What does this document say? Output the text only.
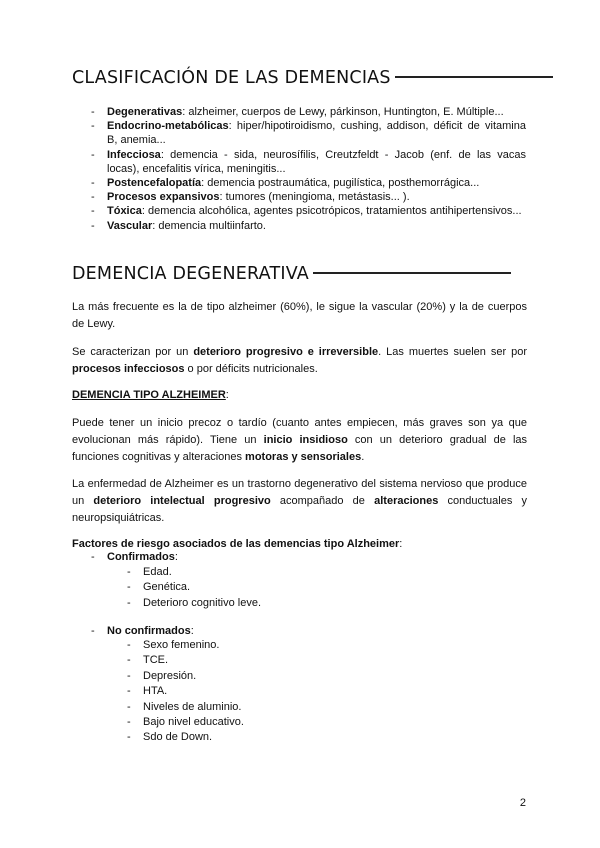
CLASIFICACIÓN DE LAS DEMENCIAS
- Degenerativas: alzheimer, cuerpos de Lewy, párkinson, Huntington, E. Múltiple...
- Endocrino-metabólicas: hiper/hipotiroidismo, cushing, addison, déficit de vitamina B, anemia...
- Infecciosa: demencia - sida, neurosífilis, Creutzfeldt - Jacob (enf. de las vacas locas), encefalitis vírica, meningitis...
- Postencefalopatía: demencia postraumática, pugilística, posthemorrágica...
- Procesos expansivos: tumores (meningioma, metástasis... ).
- Tóxica: demencia alcohólica, agentes psicotrópicos, tratamientos antihipertensivos...
- Vascular: demencia multiinfarto.
DEMENCIA DEGENERATIVA

La más frecuente es la de tipo alzheimer (60%), le sigue la vascular (20%) y la de cuerpos de Lewy.

Se caracterizan por un deterioro progresivo e irreversible. Las muertes suelen ser por procesos infecciosos o por déficits nutricionales.

DEMENCIA TIPO ALZHEIMER:

Puede tener un inicio precoz o tardío (cuanto antes empiecen, más graves son ya que evolucionan más rápido). Tiene un inicio insidioso con un deterioro gradual de las funciones cognitivas y alteraciones motoras y sensoriales.

La enfermedad de Alzheimer es un trastorno degenerativo del sistema nervioso que produce un deterioro intelectual progresivo acompañado de alteraciones conductuales y neuropsiquiátricas.

Factores de riesgo asociados de las demencias tipo Alzheimer:

- Confirmados:
- Edad.
- Genética.
- Deterioro cognitivo leve.
- No confirmados:
- Sexo femenino.
- TCE.
- Depresión.
- HTA.
- Niveles de aluminio.
- Bajo nivel educativo.
- Sdo de Down.
2
